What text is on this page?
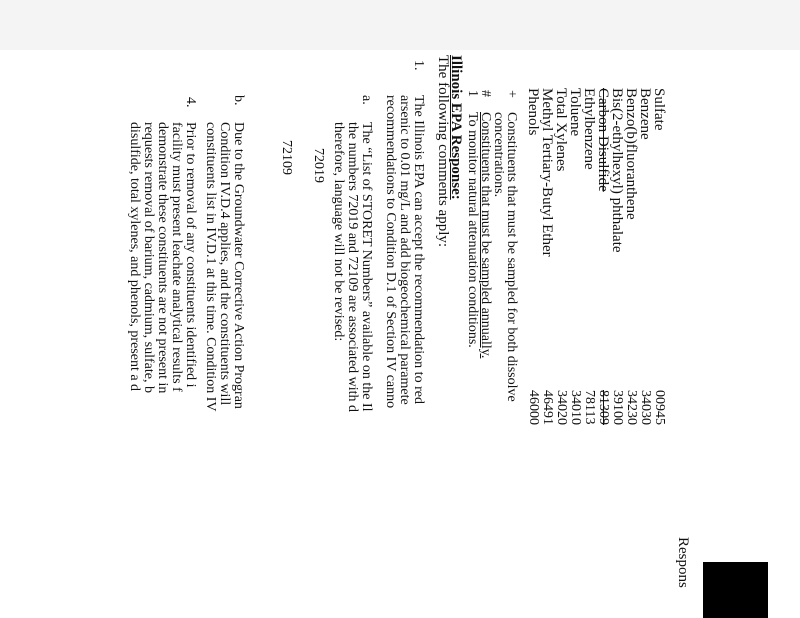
Respons
Sulfate
Benzene
Benzo(b)fluoranthene
Bis(2-ethylhexyl) phthalate
Carbon Disulfide
Ethylbenzene
Toluene
Total Xylenes
Methyl Tertiary-Butyl Ether
Phenols
00945
34030
34230
39100
81309
78113
34010
34020
46491
46000
+
Constituents that must be sampled for both dissolve
concentrations.
#
Constituents that must be sampled annually.
1
To monitor natural attenuation conditions.
Illinois EPA Response:
The following comments apply:
1.
The Illinois EPA can accept the recommendation to red
arsenic to 0.01 mg/L and add biogeochemical paramete
recommendations to Condition D.1 of Section IV canno
a.
The “List of STORET Numbers” available on the Il
the numbers 72019 and 72109 are associated with d
therefore, language will not be revised:
72019
72109
b.
Due to the Groundwater Corrective Action Progran
Condition IV.D.4 applies, and the constituents will
constituents list in IV.D.1 at this time. Condition IV
4.
Prior to removal of any constituents identified i
facility must present leachate analytical results f
demonstrate these constituents are not present in
requests removal of barium, cadmium, sulfate, b
disulfide, total xylenes, and phenols, present a d
